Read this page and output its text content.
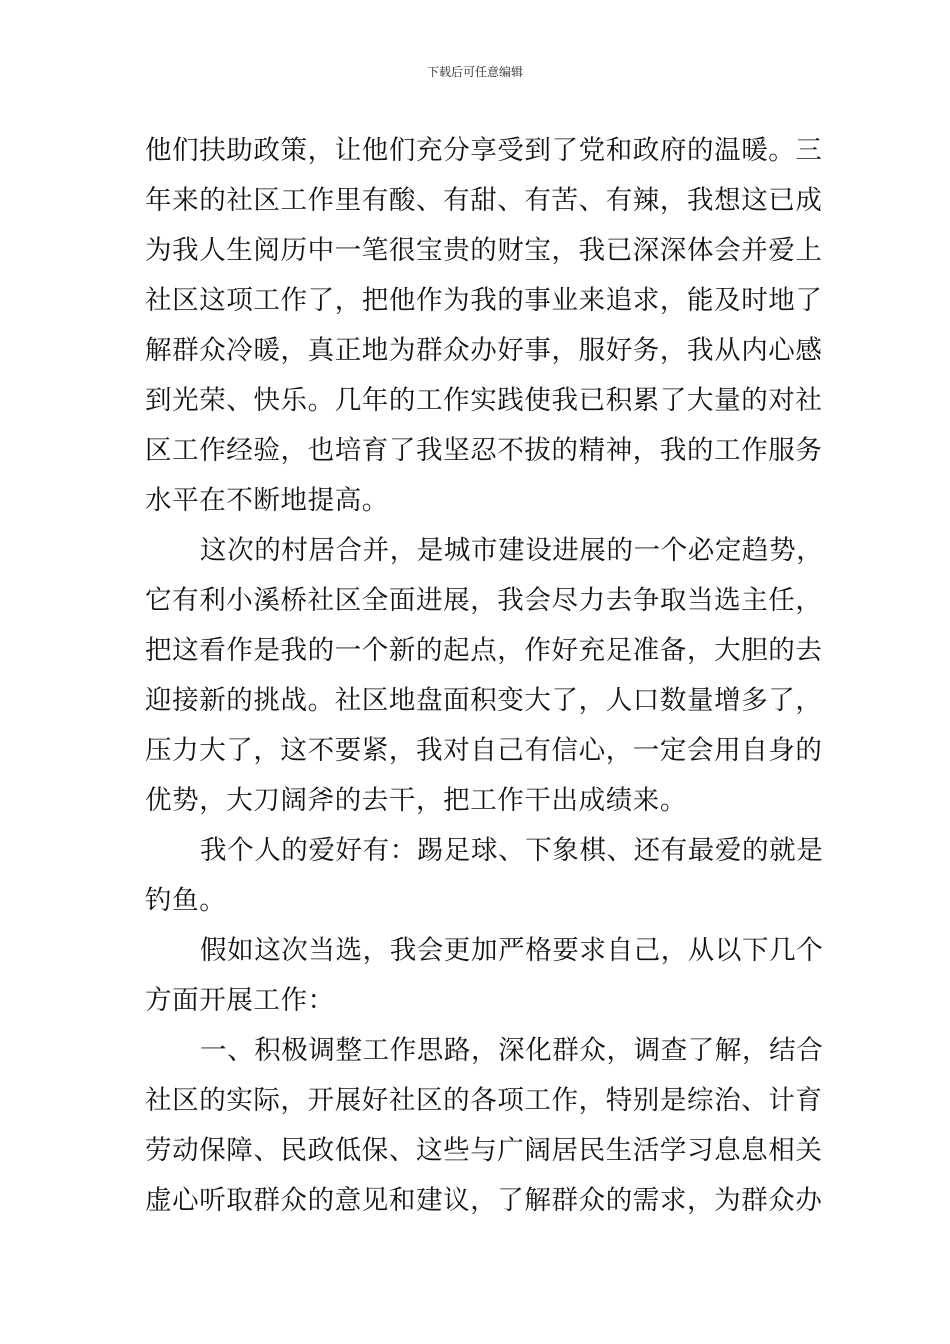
下载后可任意编辑
他们扶助政策，让他们充分享受到了党和政府的温暖。三
年来的社区工作里有酸、有甜、有苦、有辣，我想这已成
为我人生阅历中一笔很宝贵的财宝，我已深深体会并爱上
社区这项工作了，把他作为我的事业来追求，能及时地了
解群众冷暖，真正地为群众办好事，服好务，我从内心感
到光荣、快乐。几年的工作实践使我已积累了大量的对社
区工作经验，也培育了我坚忍不拔的精神，我的工作服务
水平在不断地提高。
这次的村居合并，是城市建设进展的一个必定趋势，
它有利小溪桥社区全面进展，我会尽力去争取当选主任，
把这看作是我的一个新的起点，作好充足准备，大胆的去
迎接新的挑战。社区地盘面积变大了，人口数量增多了，
压力大了，这不要紧，我对自己有信心，一定会用自身的
优势，大刀阔斧的去干，把工作干出成绩来。
我个人的爱好有：踢足球、下象棋、还有最爱的就是
钓鱼。
假如这次当选，我会更加严格要求自己，从以下几个
方面开展工作：
一、积极调整工作思路，深化群众，调查了解，结合
社区的实际，开展好社区的各项工作，特别是综治、计育
劳动保障、民政低保、这些与广阔居民生活学习息息相关
虚心听取群众的意见和建议，了解群众的需求，为群众办
